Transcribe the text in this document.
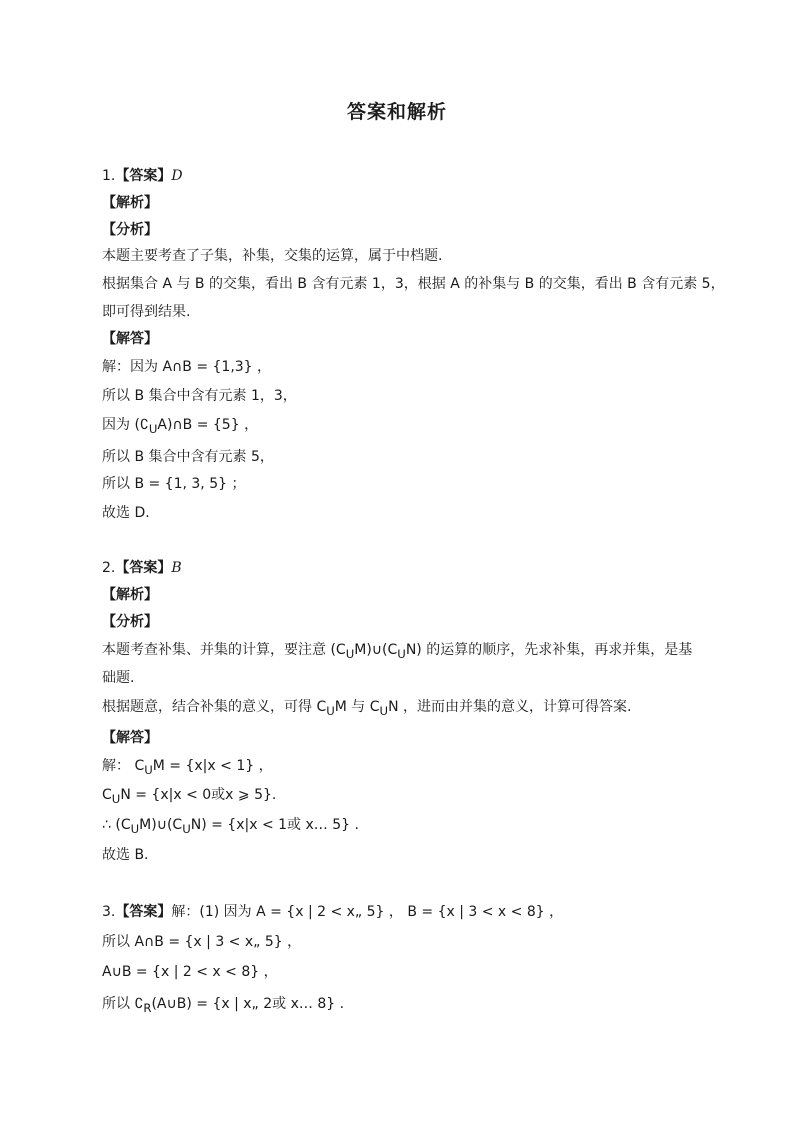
答案和解析
1.【答案】D
【解析】
【分析】
本题主要考查了子集，补集，交集的运算，属于中档题.
根据集合 A 与 B 的交集，看出 B 含有元素 1，3，根据 A 的补集与 B 的交集，看出 B 含有元素 5，
即可得到结果.
【解答】
解：因为 A∩B = {1,3} ，
所以 B 集合中含有元素 1，3，
因为 $(∁_UA)\cap B = \{5\}$ ，
所以 B 集合中含有元素 5，
所以 B = {1, 3, 5} ；
故选 D.
2.【答案】B
【解析】
【分析】
本题考查补集、并集的计算，要注意 $(C_UM)\cup(C_UN)$ 的运算的顺序，先求补集，再求并集，是基
础题.
根据题意，结合补集的意义，可得 $C_UM$ 与 $C_UN$ ，进而由并集的意义，计算可得答案.
【解答】
解： $C_UM = \{x|x < 1\}$ ，
$C_UN = \{x|x < 0$或x ⩾ 5}.
∴ $(C_UM)\cup(C_UN) = \{x|x < 1$或 x… 5} .
故选 B.
3.【答案】解：(1) 因为 A = {x | 2 < x„ 5} ， B = {x | 3 < x < 8} ，
所以 A∩B = {x | 3 < x„ 5} ，
A∪B = {x | 2 < x < 8} ，
所以 $∁_R(A\cup B) = \{x$ | x„ 2或 x… 8} .
